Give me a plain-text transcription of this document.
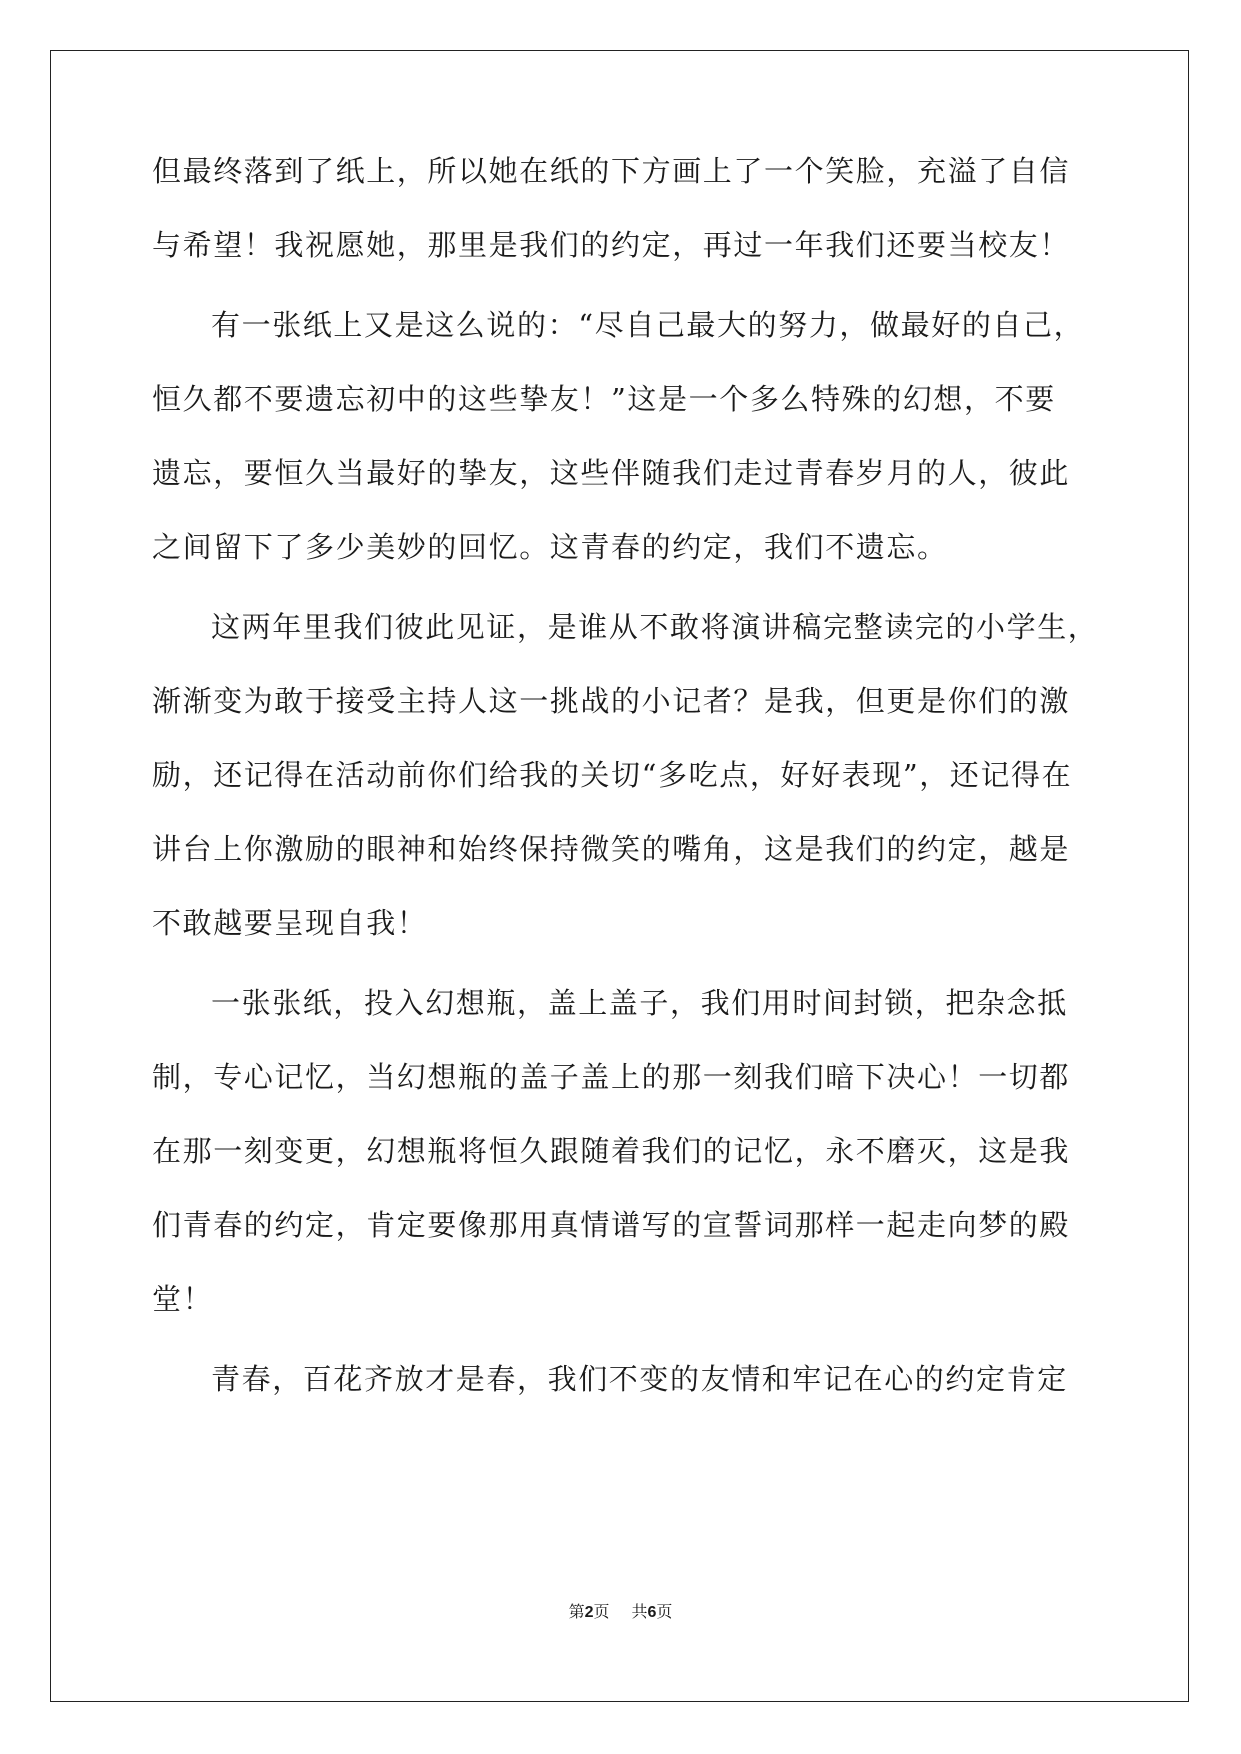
但最终落到了纸上，所以她在纸的下方画上了一个笑脸，充溢了自信
与希望！我祝愿她，那里是我们的约定，再过一年我们还要当校友！
有一张纸上又是这么说的：“尽自己最大的努力，做最好的自己，
恒久都不要遗忘初中的这些挚友！”这是一个多么特殊的幻想，不要
遗忘，要恒久当最好的挚友，这些伴随我们走过青春岁月的人，彼此
之间留下了多少美妙的回忆。这青春的约定，我们不遗忘。
这两年里我们彼此见证，是谁从不敢将演讲稿完整读完的小学生，
渐渐变为敢于接受主持人这一挑战的小记者？是我，但更是你们的激
励，还记得在活动前你们给我的关切“多吃点，好好表现”，还记得在
讲台上你激励的眼神和始终保持微笑的嘴角，这是我们的约定，越是
不敢越要呈现自我！
一张张纸，投入幻想瓶，盖上盖子，我们用时间封锁，把杂念抵
制，专心记忆，当幻想瓶的盖子盖上的那一刻我们暗下决心！一切都
在那一刻变更，幻想瓶将恒久跟随着我们的记忆，永不磨灭，这是我
们青春的约定，肯定要像那用真情谱写的宣誓词那样一起走向梦的殿
堂！
青春，百花齐放才是春，我们不变的友情和牢记在心的约定肯定
第2页 共6页
